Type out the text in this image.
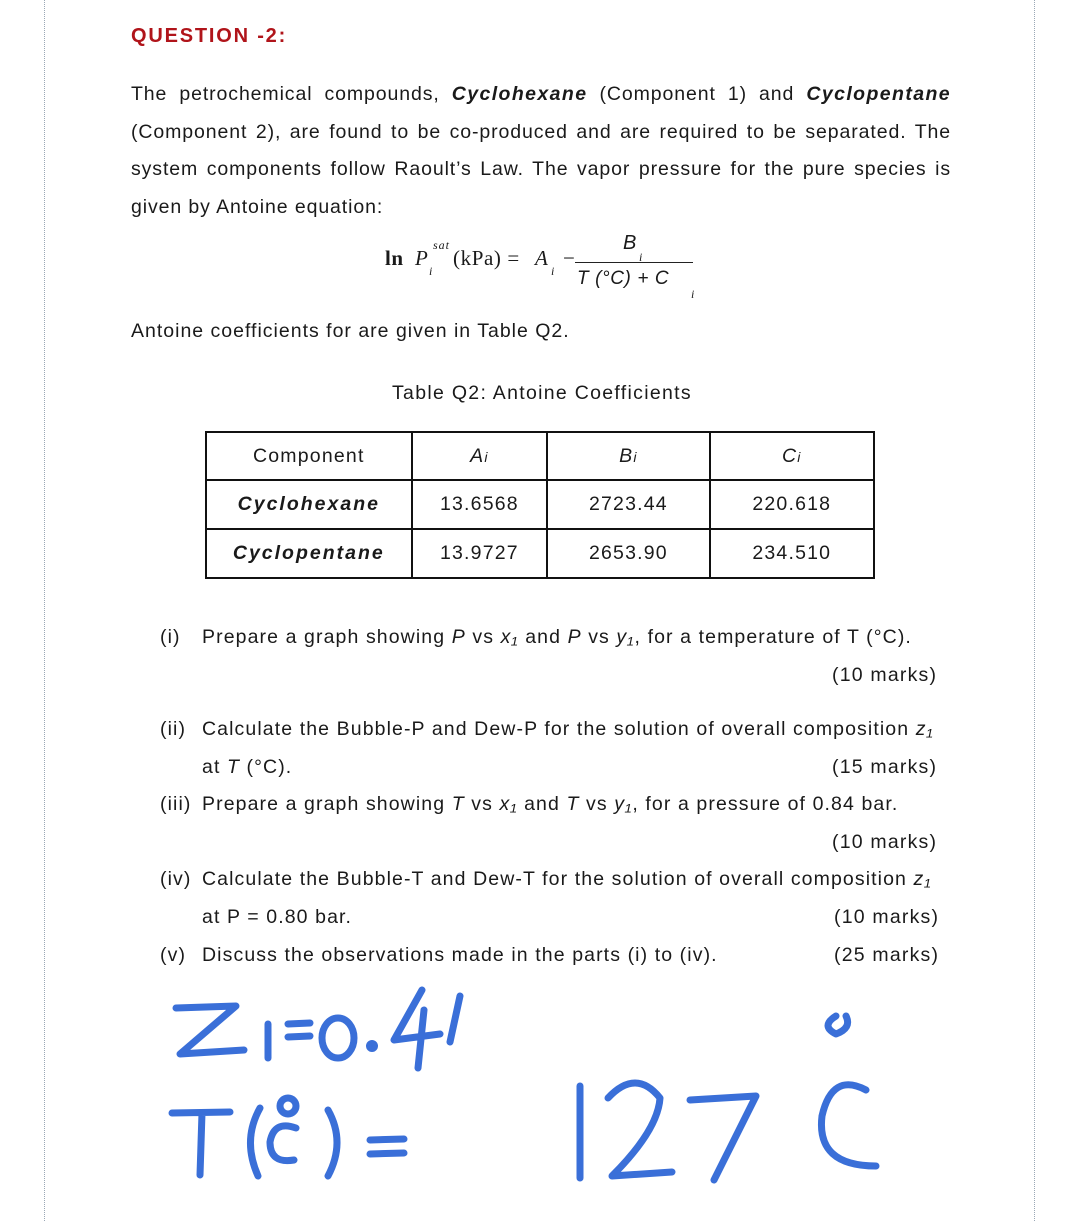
QUESTION -2:
The petrochemical compounds, Cyclohexane (Component 1) and Cyclopentane (Component 2), are found to be co-produced and are required to be separated. The system components follow Raoult’s Law. The vapor pressure for the pure species is given by Antoine equation:
ln P
sat
i
(kPa) = A
i
−
B
i
T (°C) + C
i
Antoine coefficients for are given in Table Q2.
Table Q2: Antoine Coefficients
Component	Ai	Bi	Ci
Cyclohexane	13.6568	2723.44	220.618
Cyclopentane	13.9727	2653.90	234.510
(i) Prepare a graph showing P vs x₁ and P vs y₁, for a temperature of T (°C).
(10 marks)
(ii) Calculate the Bubble-P and Dew-P for the solution of overall composition z₁
at T (°C).	(15 marks)
(iii) Prepare a graph showing T vs x₁ and T vs y₁, for a pressure of 0.84 bar.
(10 marks)
(iv) Calculate the Bubble-T and Dew-T for the solution of overall composition z₁
at P = 0.80 bar.	(10 marks)
(v) Discuss the observations made in the parts (i) to (iv).	(25 marks)
